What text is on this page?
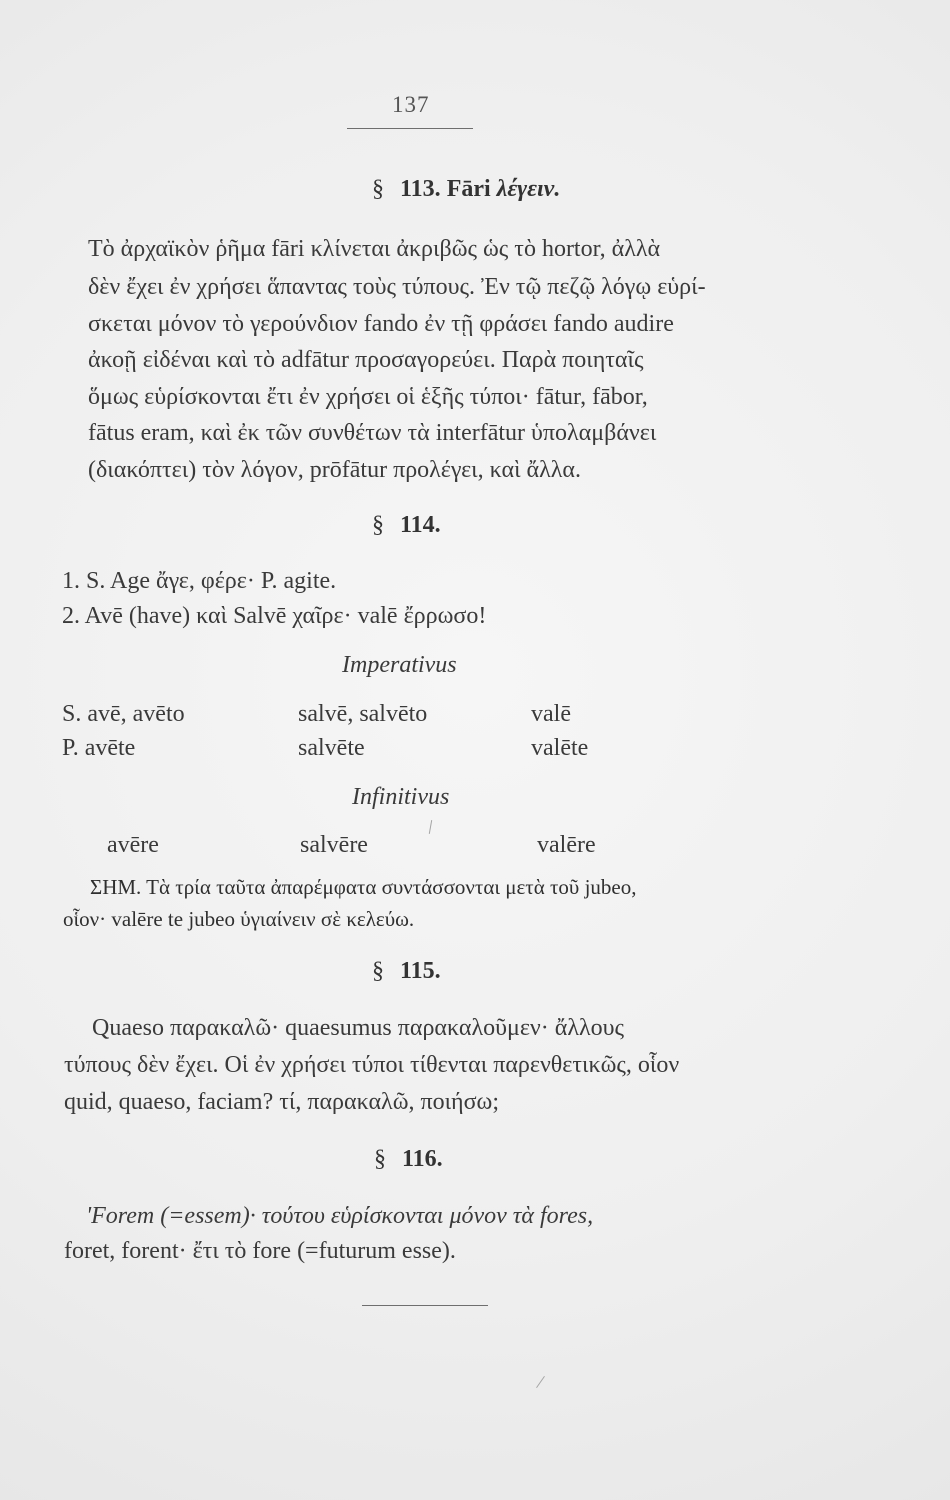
137
§ 113. Fāri λέγειν.
Τὸ ἀρχαϊκὸν ῥῆμα fāri κλίνεται ἀκριβῶς ὡς τὸ hortor, ἀλλὰ
δὲν ἔχει ἐν χρήσει ἅπαντας τοὺς τύπους. Ἐν τῷ πεζῷ λόγῳ εὑρί-
σκεται μόνον τὸ γερούνδιον fando ἐν τῇ φράσει fando audire
ἀκοῇ εἰδέναι καὶ τὸ adfātur προσαγορεύει. Παρὰ ποιηταῖς
ὅμως εὑρίσκονται ἔτι ἐν χρήσει οἱ ἑξῆς τύποι· fātur, fābor,
fātus eram, καὶ ἐκ τῶν συνθέτων τὰ interfātur ὑπολαμβάνει
(διακόπτει) τὸν λόγον, prōfātur προλέγει, καὶ ἄλλα.
§ 114.
1. S. Age ἄγε, φέρε· P. agite.
2. Avē (have) καὶ Salvē χαῖρε· valē ἔρρωσο!
Imperativus
S. avē, avēto	salvē, salvēto	valē
P. avēte	salvēte	valēte
Infinitivus
avēre	salvēre	valēre
ΣΗΜ. Τὰ τρία ταῦτα ἀπαρέμφατα συντάσσονται μετὰ τοῦ jubeo,
οἷον· valēre te jubeo ὑγιαίνειν σὲ κελεύω.
§ 115.
Quaeso παρακαλῶ· quaesumus παρακαλοῦμεν· ἄλλους
τύπους δὲν ἔχει. Οἱ ἐν χρήσει τύποι τίθενται παρενθετικῶς, οἷον
quid, quaeso, faciam? τί, παρακαλῶ, ποιήσω;
§ 116.
'Forem (=essem)· τούτου εὑρίσκονται μόνον τὰ fores,
foret, forent· ἔτι τὸ fore (=futurum esse).
